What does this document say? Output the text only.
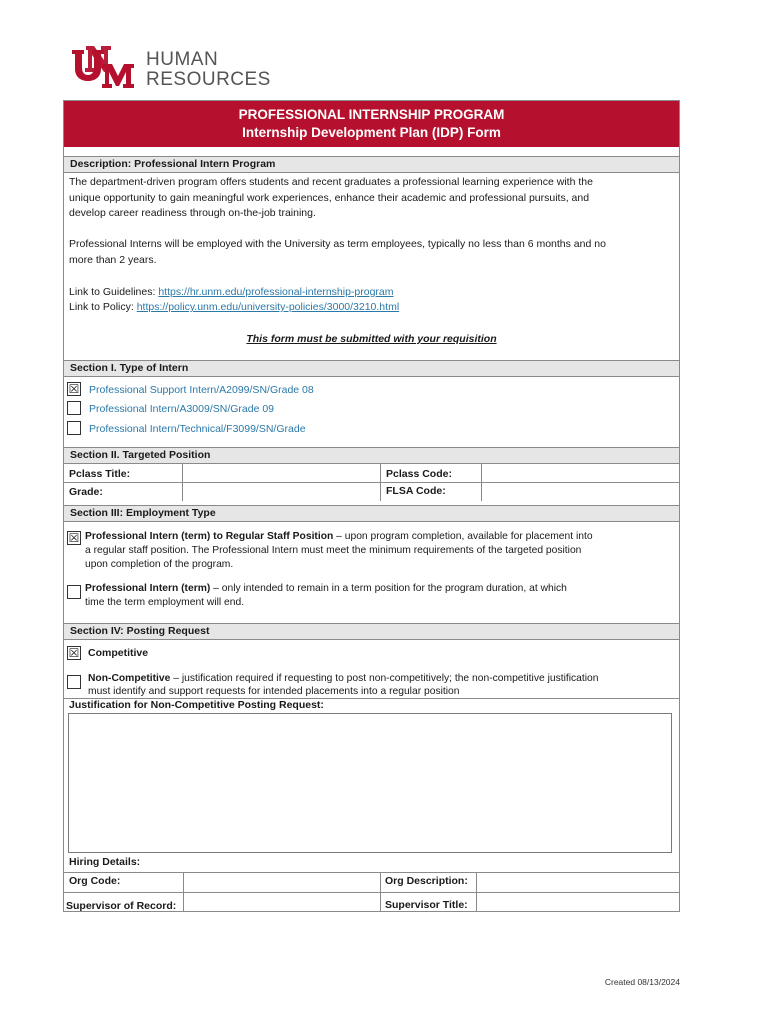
HUMAN
RESOURCES
PROFESSIONAL INTERNSHIP PROGRAM
Internship Development Plan (IDP) Form
Description: Professional Intern Program
The department-driven program offers students and recent graduates a professional learning experience with the
unique opportunity to gain meaningful work experiences, enhance their academic and professional pursuits, and
develop career readiness through on-the-job training.
Professional Interns will be employed with the University as term employees, typically no less than 6 months and no
more than 2 years.
Link to Guidelines: https://hr.unm.edu/professional-internship-program
Link to Policy: https://policy.unm.edu/university-policies/3000/3210.html
This form must be submitted with your requisition
Section I. Type of Intern
☒ Professional Support Intern/A2099/SN/Grade 08
Professional Intern/A3009/SN/Grade 09
Professional Intern/Technical/F3099/SN/Grade
Section II. Targeted Position
Pclass Title:
Grade:
Pclass Code:
FLSA Code:
Section III: Employment Type
☒ Professional Intern (term) to Regular Staff Position – upon program completion, available for placement into
a regular staff position. The Professional Intern must meet the minimum requirements of the targeted position
upon completion of the program.
Professional Intern (term) – only intended to remain in a term position for the program duration, at which
time the term employment will end.
Section IV: Posting Request
☒ Competitive
Non-Competitive – justification required if requesting to post non-competitively; the non-competitive justification
must identify and support requests for intended placements into a regular position
Justification for Non-Competitive Posting Request:
Hiring Details:
Org Code:	Org Description:
Supervisor of Record:	Supervisor Title:
Created 08/13/2024
